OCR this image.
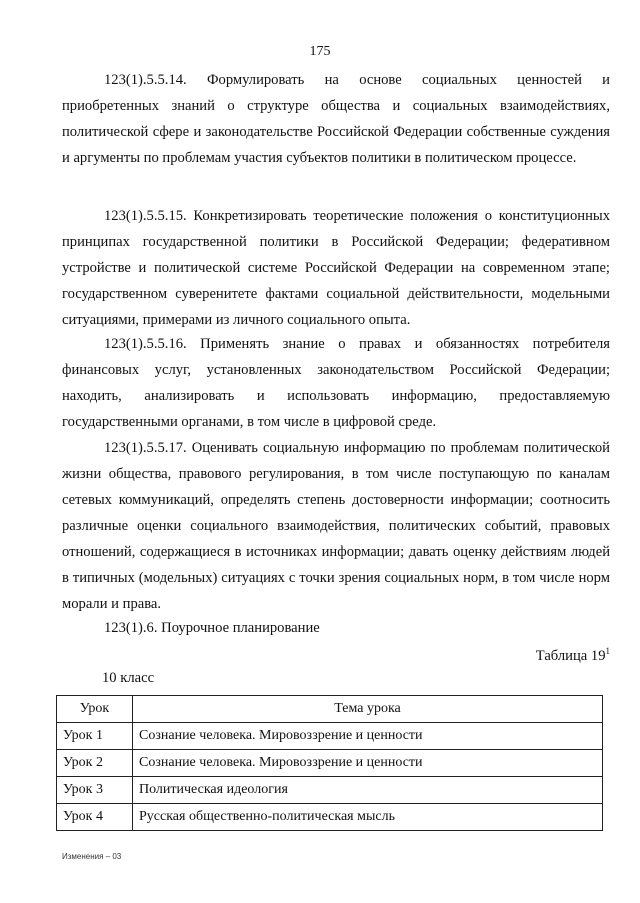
175
123(1).5.5.14. Формулировать на основе социальных ценностей и приобретенных знаний о структуре общества и социальных взаимодействиях, политической сфере и законодательстве Российской Федерации собственные суждения и аргументы по проблемам участия субъектов политики в политическом процессе.
123(1).5.5.15. Конкретизировать теоретические положения о конституционных принципах государственной политики в Российской Федерации; федеративном устройстве и политической системе Российской Федерации на современном этапе; государственном суверенитете фактами социальной действительности, модельными ситуациями, примерами из личного социального опыта.
123(1).5.5.16. Применять знание о правах и обязанностях потребителя финансовых услуг, установленных законодательством Российской Федерации; находить, анализировать и использовать информацию, предоставляемую государственными органами, в том числе в цифровой среде.
123(1).5.5.17. Оценивать социальную информацию по проблемам политической жизни общества, правового регулирования, в том числе поступающую по каналам сетевых коммуникаций, определять степень достоверности информации; соотносить различные оценки социального взаимодействия, политических событий, правовых отношений, содержащиеся в источниках информации; давать оценку действиям людей в типичных (модельных) ситуациях с точки зрения социальных норм, в том числе норм морали и права.
123(1).6. Поурочное планирование
Таблица $19^1$
10 класс
Урок	Тема урока
Урок 1	Сознание человека. Мировоззрение и ценности
Урок 2	Сознание человека. Мировоззрение и ценности
Урок 3	Политическая идеология
Урок 4	Русская общественно-политическая мысль
Изменения – 03
